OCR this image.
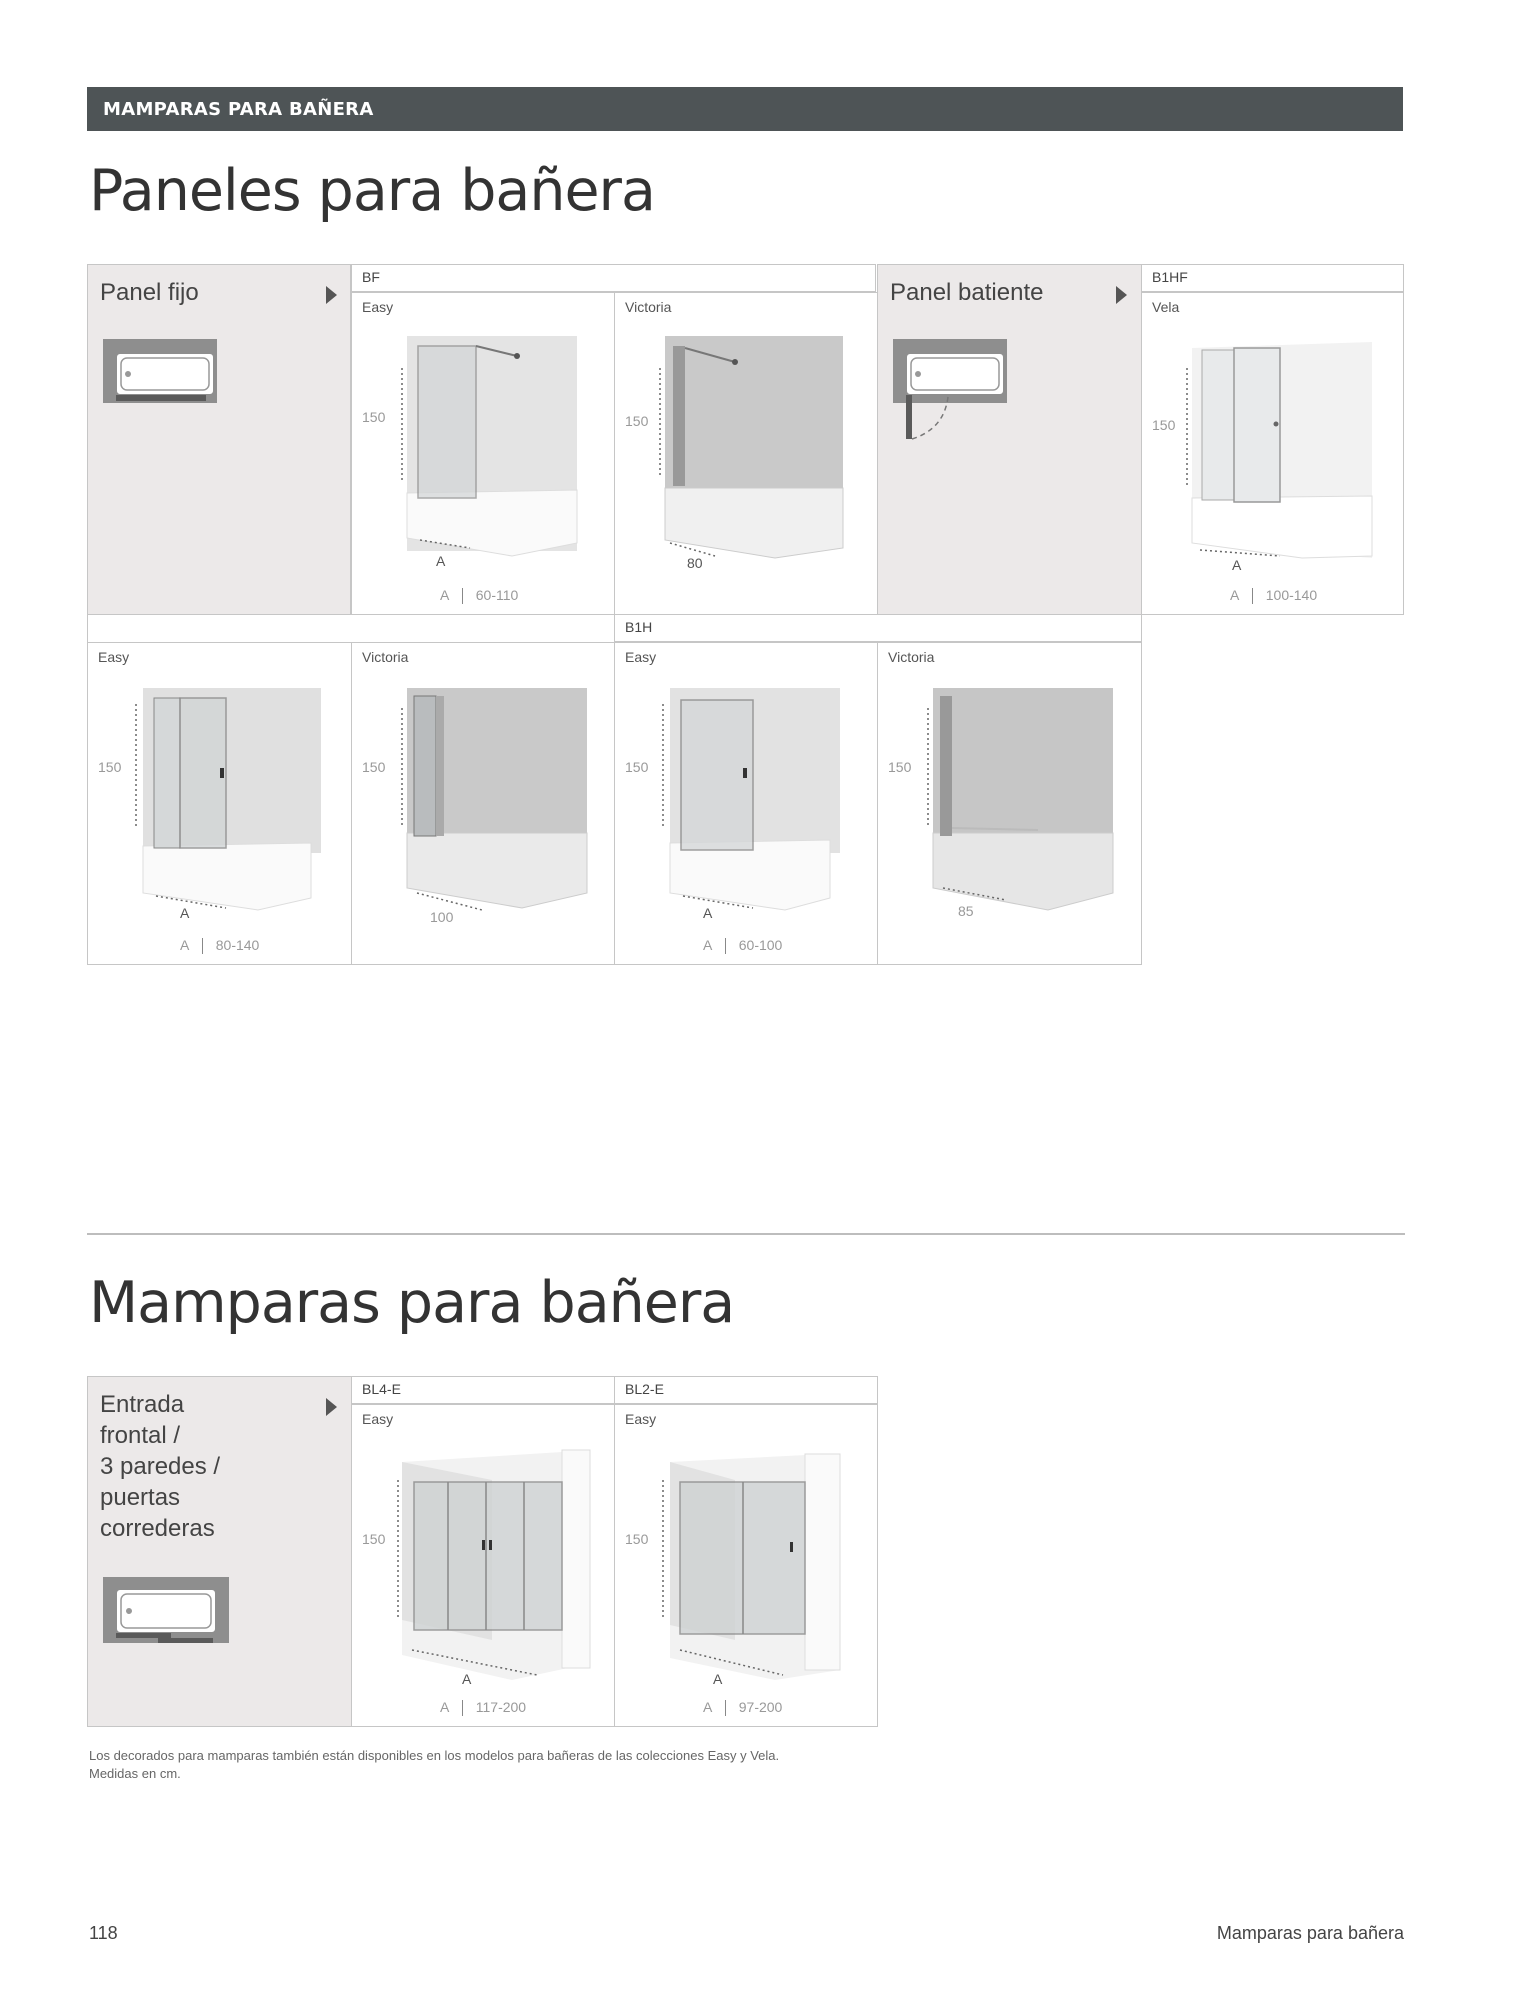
MAMPARAS PARA BAÑERA
Paneles para bañera
Panel fijo
BF
Easy
150
A
A 60-110
Victoria
150
80
Panel batiente
B1HF
Vela
150
A
A 100-140
B1H
Easy
150
A
A 80-140
Victoria
150
100
Easy
150
A
A 60-100
Victoria
150
85
Mamparas para bañera
Entrada
frontal /
3 paredes /
puertas
correderas
BL4-E
Easy
150
A
A 117-200
BL2-E
Easy
150
A
A 97-200
Los decorados para mamparas también están disponibles en los modelos para bañeras de las colecciones Easy y Vela.
Medidas en cm.
118	Mamparas para bañera
